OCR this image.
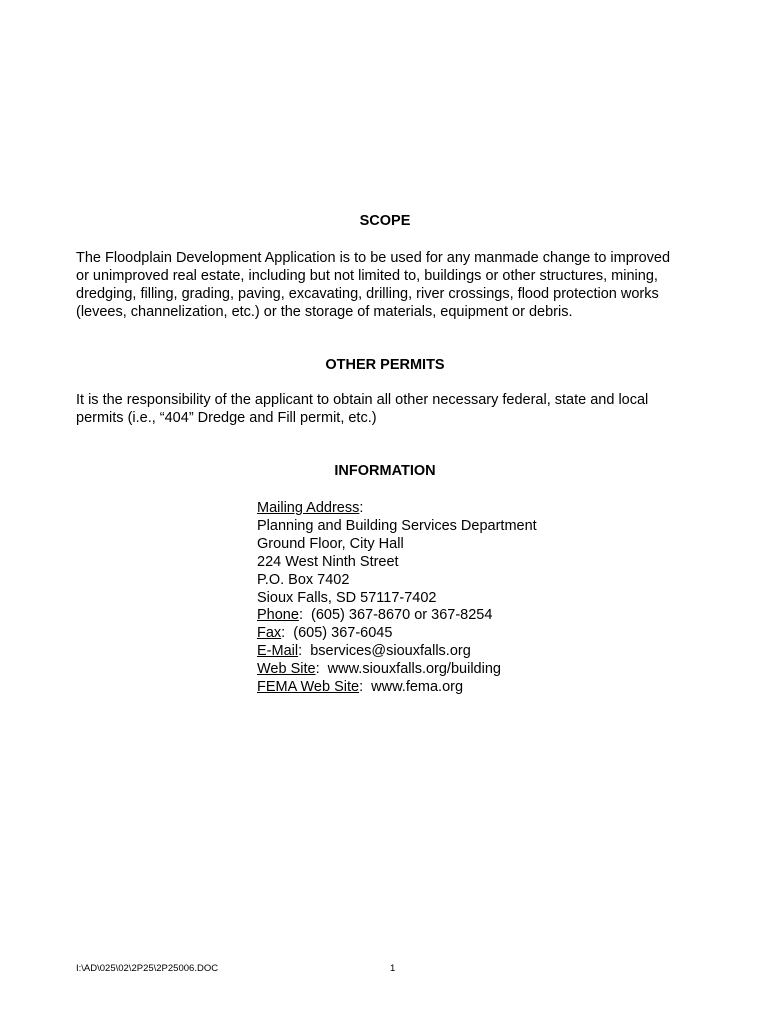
SCOPE
The Floodplain Development Application is to be used for any manmade change to improved
or unimproved real estate, including but not limited to, buildings or other structures, mining,
dredging, filling, grading, paving, excavating, drilling, river crossings, flood protection works
(levees, channelization, etc.) or the storage of materials, equipment or debris.
OTHER PERMITS
It is the responsibility of the applicant to obtain all other necessary federal, state and local
permits (i.e., “404” Dredge and Fill permit, etc.)
INFORMATION
Mailing Address:
Planning and Building Services Department
Ground Floor, City Hall
224 West Ninth Street
P.O. Box 7402
Sioux Falls, SD 57117-7402
Phone:  (605) 367-8670 or 367-8254
Fax:  (605) 367-6045
E-Mail:  bservices@siouxfalls.org
Web Site:  www.siouxfalls.org/building
FEMA Web Site:  www.fema.org
I:\AD\025\02\2P25\2P25006.DOC	1
